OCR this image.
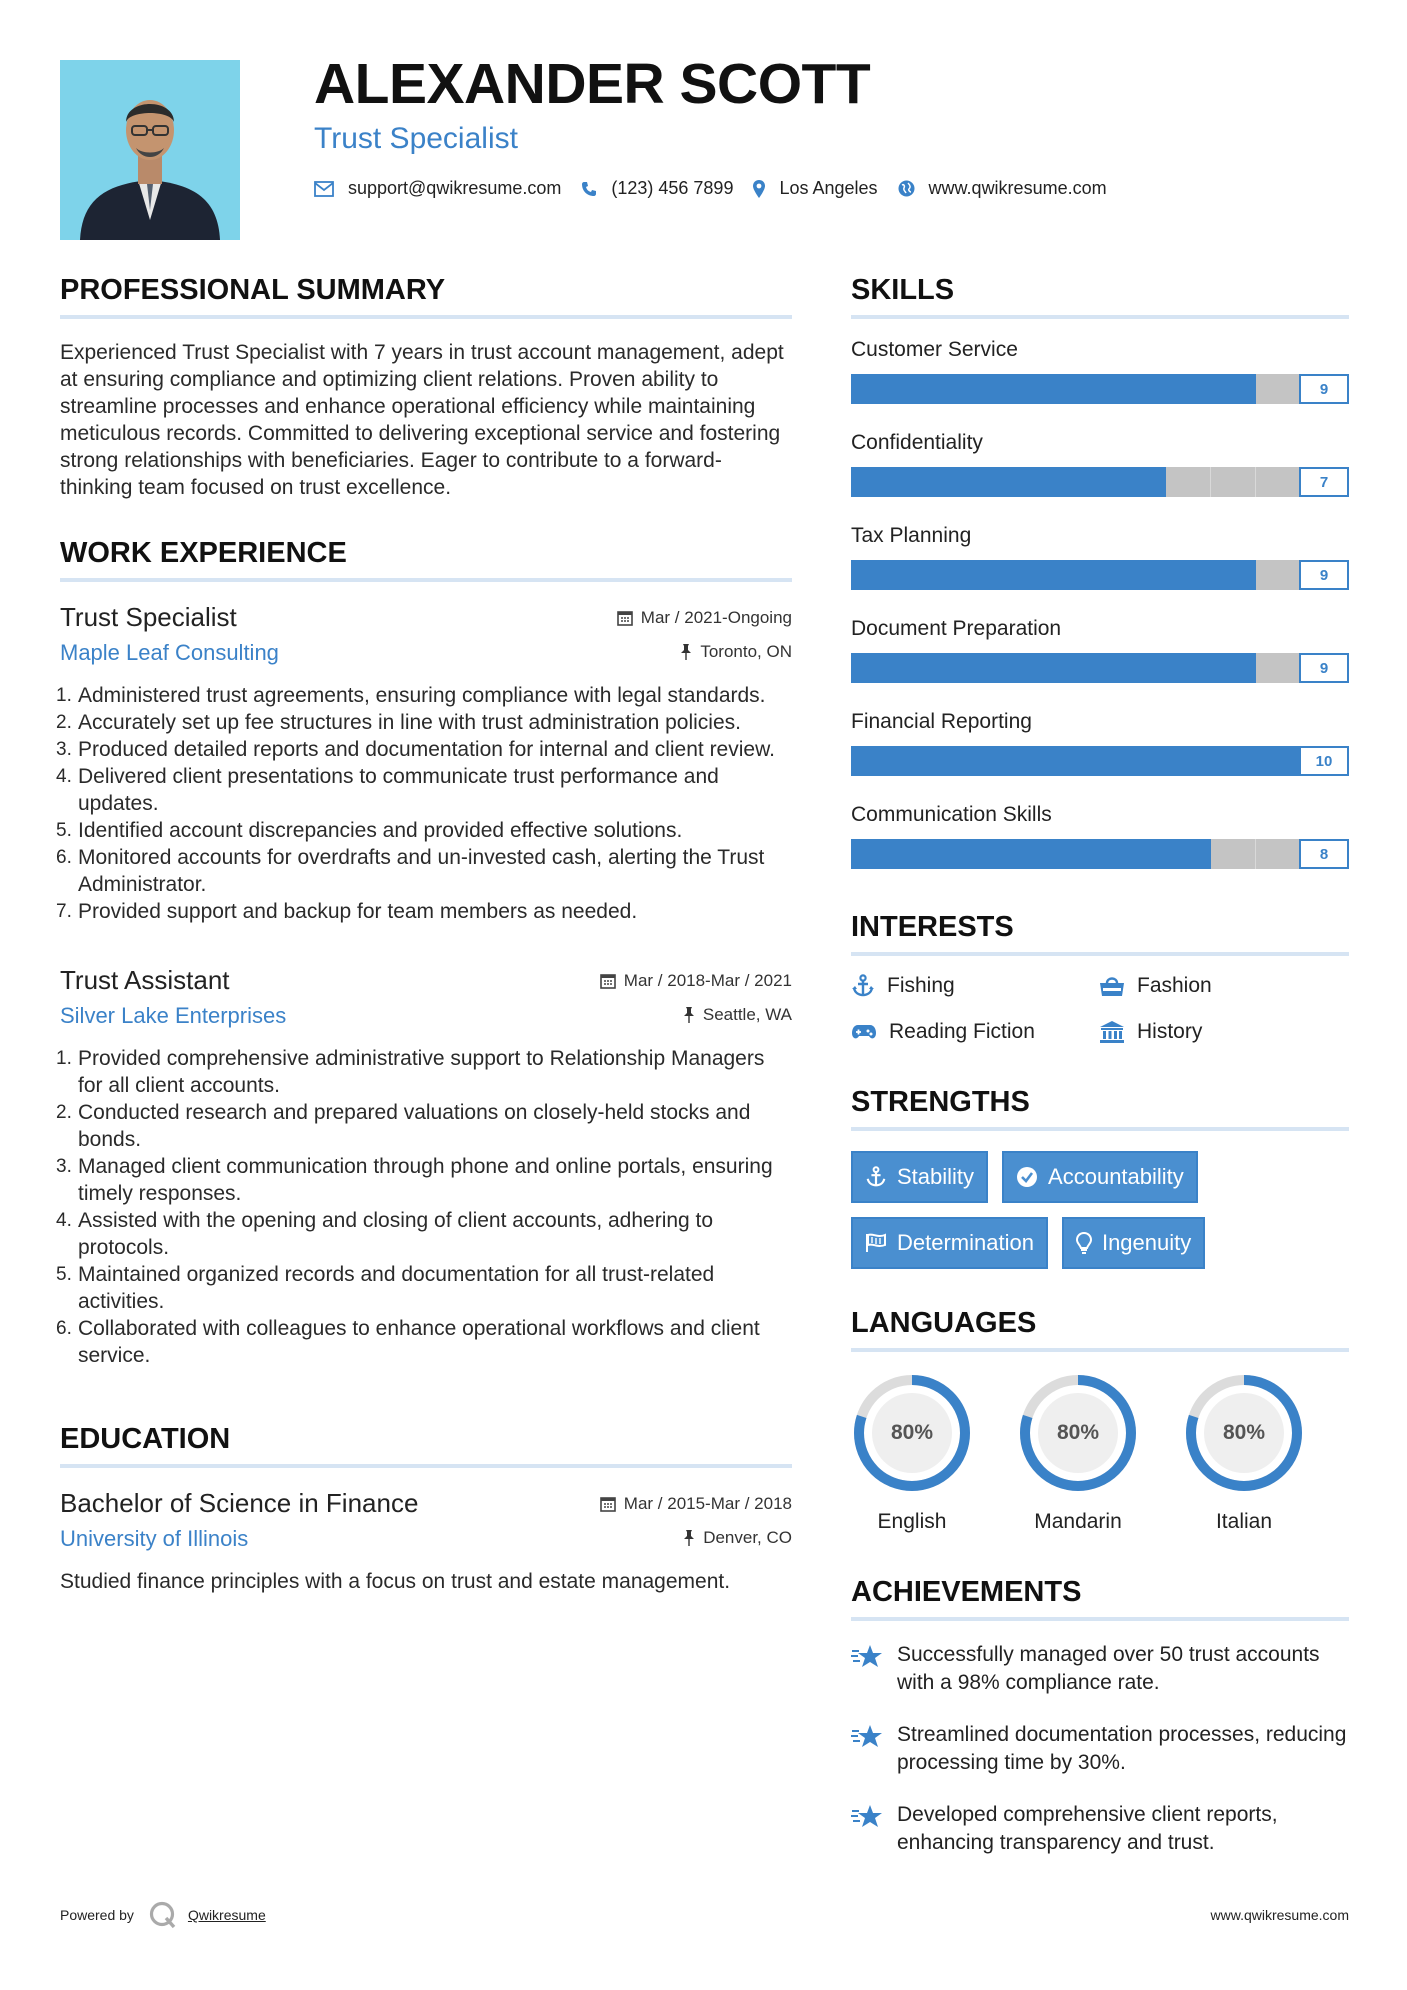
ALEXANDER SCOTT
Trust Specialist
support@qwikresume.com	(123) 456 7899	Los Angeles	www.qwikresume.com
PROFESSIONAL SUMMARY

Experienced Trust Specialist with 7 years in trust account management, adept at ensuring compliance and optimizing client relations. Proven ability to streamline processes and enhance operational efficiency while maintaining meticulous records. Committed to delivering exceptional service and fostering strong relationships with beneficiaries. Eager to contribute to a forward-thinking team focused on trust excellence.

WORK EXPERIENCE
Trust Specialist
Maple Leaf Consulting
Mar / 2021-Ongoing
Toronto, ON
Administered trust agreements, ensuring compliance with legal standards.
Accurately set up fee structures in line with trust administration policies.
Produced detailed reports and documentation for internal and client review.
Delivered client presentations to communicate trust performance and updates.
Identified account discrepancies and provided effective solutions.
Monitored accounts for overdrafts and un-invested cash, alerting the Trust Administrator.
Provided support and backup for team members as needed.
Trust Assistant
Silver Lake Enterprises
Mar / 2018-Mar / 2021
Seattle, WA
Provided comprehensive administrative support to Relationship Managers for all client accounts.
Conducted research and prepared valuations on closely-held stocks and bonds.
Managed client communication through phone and online portals, ensuring timely responses.
Assisted with the opening and closing of client accounts, adhering to protocols.
Maintained organized records and documentation for all trust-related activities.
Collaborated with colleagues to enhance operational workflows and client service.
EDUCATION
Bachelor of Science in Finance
University of Illinois
Mar / 2015-Mar / 2018
Denver, CO

Studied finance principles with a focus on trust and estate management.

SKILLS
Customer Service
9
Confidentiality
7
Tax Planning
9
Document Preparation
9
Financial Reporting
10
Communication Skills
8
INTERESTS
Fishing	Fashion
Reading Fiction	History
STRENGTHS
Stability	Accountability
Determination	Ingenuity
LANGUAGES
80%
English
80%
Mandarin
80%
Italian
ACHIEVEMENTS
Successfully managed over 50 trust accounts with a 98% compliance rate.
Streamlined documentation processes, reducing processing time by 30%.
Developed comprehensive client reports, enhancing transparency and trust.
Powered by	Qwikresume	www.qwikresume.com
